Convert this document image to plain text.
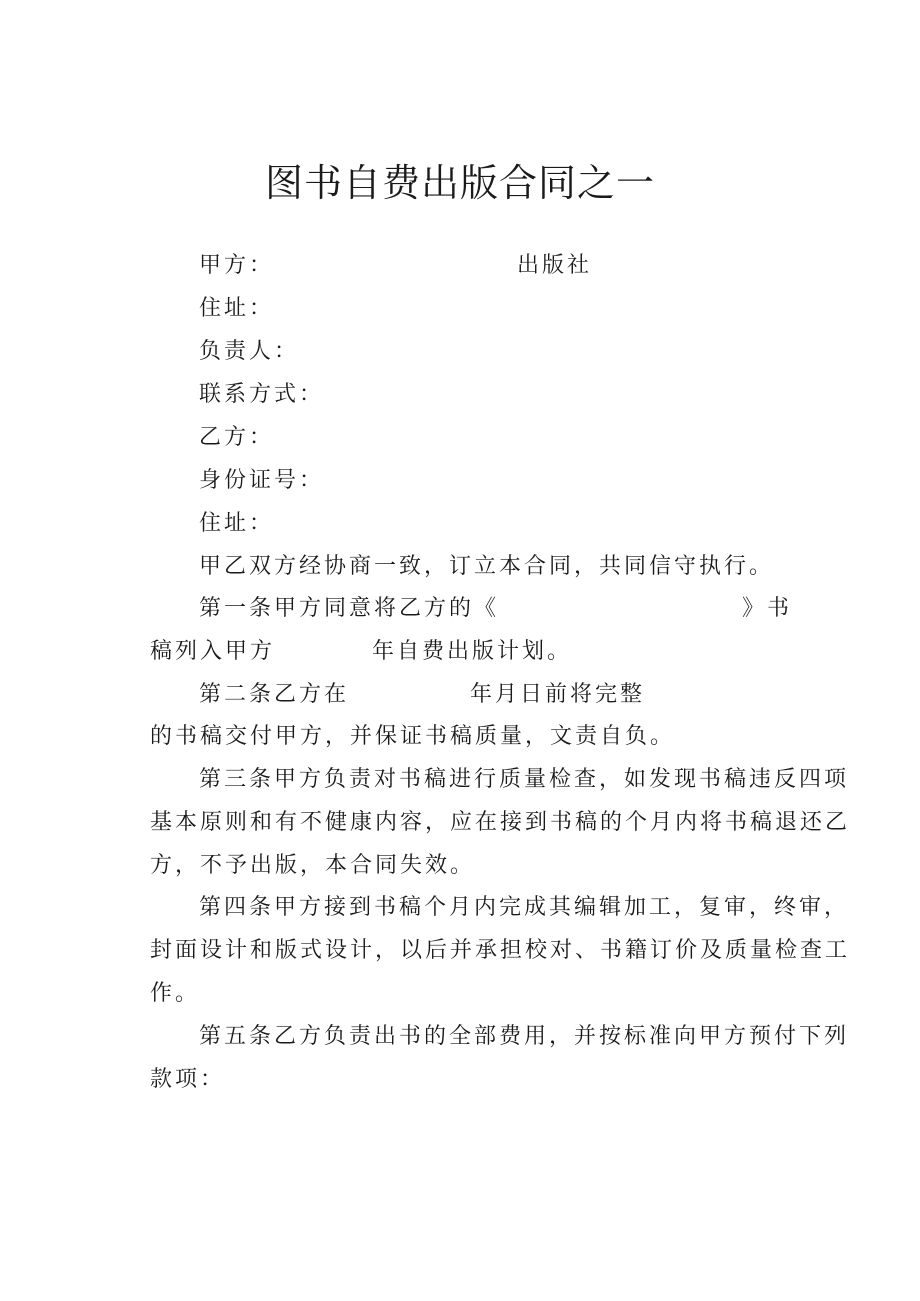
图书自费出版合同之一
甲方：	出版社
住址：
负责人：
联系方式：
乙方：
身份证号：
住址：
甲乙双方经协商一致，订立本合同，共同信守执行。
第一条甲方同意将乙方的《	》书
稿列入甲方	年自费出版计划。
第二条乙方在	年月日前将完整
的书稿交付甲方，并保证书稿质量，文责自负。
第三条甲方负责对书稿进行质量检查，如发现书稿违反四项
基本原则和有不健康内容，应在接到书稿的个月内将书稿退还乙
方，不予出版，本合同失效。
第四条甲方接到书稿个月内完成其编辑加工，复审，终审，
封面设计和版式设计，以后并承担校对、书籍订价及质量检查工
作。
第五条乙方负责出书的全部费用，并按标准向甲方预付下列
款项：
